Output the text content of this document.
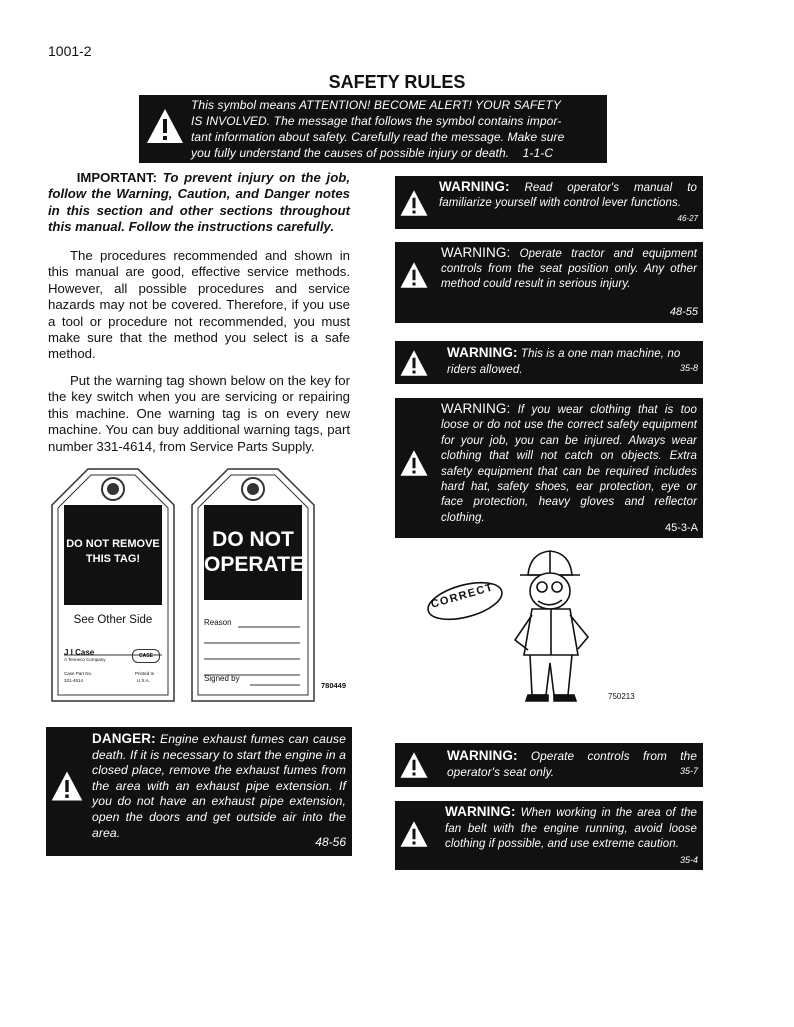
1001-2
SAFETY RULES
This symbol means ATTENTION! BECOME ALERT! YOUR SAFETY
IS INVOLVED. The message that follows the symbol contains impor-
tant information about safety. Carefully read the message. Make sure
you fully understand the causes of possible injury or death. 1-1-C
IMPORTANT: To prevent injury on the job, follow the Warning, Caution, and Danger notes in this section and other sections throughout this manual. Follow the instructions carefully.
The procedures recommended and shown in this manual are good, effective service methods. However, all possible procedures and service hazards may not be covered. Therefore, if you use a tool or procedure not recommended, you must make sure that the method you select is a safe method.
Put the warning tag shown below on the key for the key switch when you are servicing or repairing this machine. One warning tag is on every new machine. You can buy additional warning tags, part number 331-4614, from Service Parts Supply.
DO NOT REMOVE THIS TAG!
See Other Side
J I Case
A Tenneco Company
CASE
Case Part No.
331-4614
Printed In
U.S.A.
DO NOT
OPERATE
Reason
Signed by
780449
DANGER: Engine exhaust fumes can cause death. If it is necessary to start the engine in a closed place, remove the exhaust fumes from the area with an exhaust pipe extension. If you do not have an exhaust pipe extension, open the doors and get outside air into the area.
48-56
WARNING: Read operator's manual to familiarize yourself with control lever functions.
46-27
WARNING: Operate tractor and equipment controls from the seat position only. Any other method could result in serious injury.
48-55
WARNING: This is a one man machine, no riders allowed.	35-8
WARNING: If you wear clothing that is too loose or do not use the correct safety equipment for your job, you can be injured. Always wear clothing that will not catch on objects. Extra safety equipment that can be required includes hard hat, safety shoes, ear protection, eye or face protection, heavy gloves and reflector clothing.
45-3-A
CORRECT
750213
WARNING: Operate controls from the operator's seat only.	35-7
WARNING: When working in the area of the fan belt with the engine running, avoid loose clothing if possible, and use extreme caution.
35-4
